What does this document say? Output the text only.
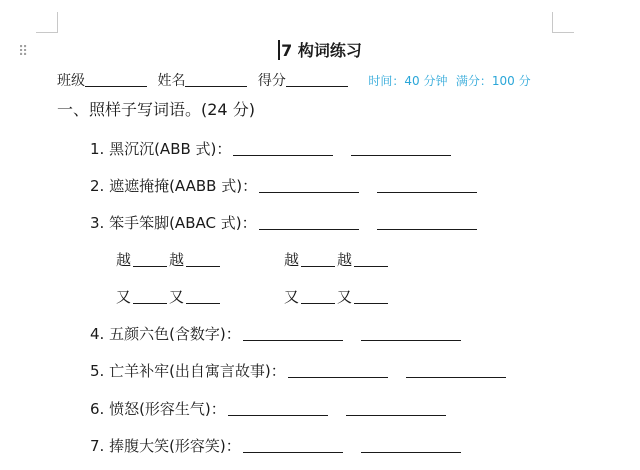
⠿	7 构词练习
班级	姓名	得分	时间：40 分钟 满分：100 分
一、照样子写词语。(24 分)
1. 黑沉沉(ABB 式)：
2. 遮遮掩掩(AABB 式)：
3. 笨手笨脚(ABAC 式)：
越	越	越	越
又	又	又	又
4. 五颜六色(含数字)：
5. 亡羊补牢(出自寓言故事)：
6. 愤怒(形容生气)：
7. 捧腹大笑(形容笑)：
